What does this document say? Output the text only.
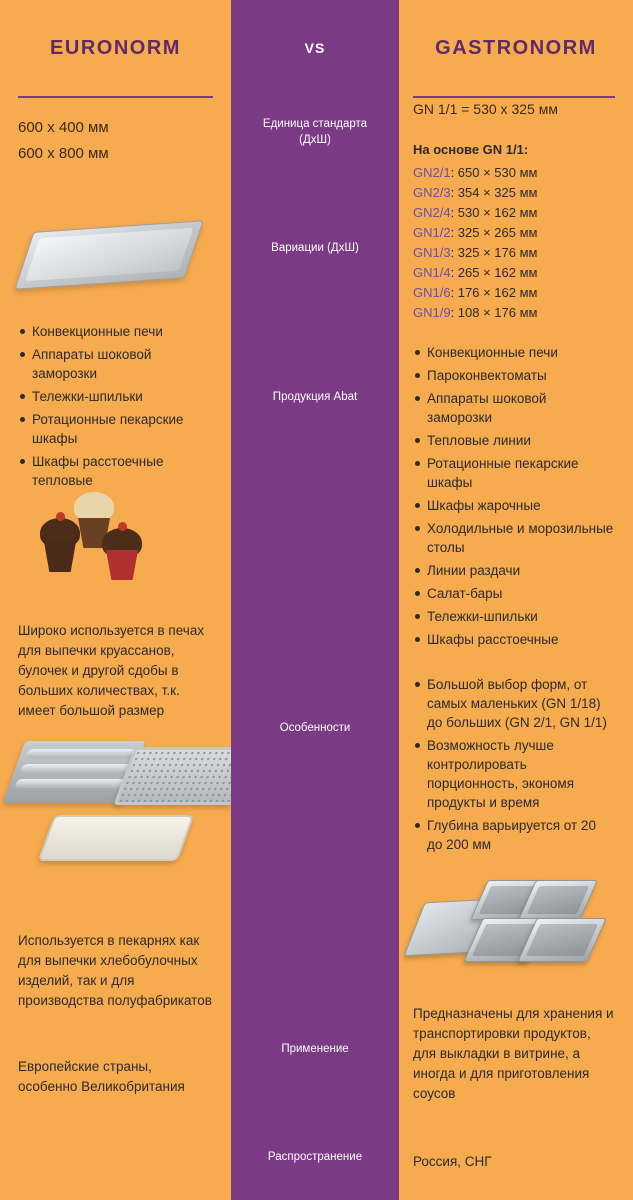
EURONORM
600 x 400 мм
600 x 800 мм
Конвекционные печи
Аппараты шоковой заморозки
Тележки-шпильки
Ротационные пекарские шкафы
Шкафы расстоечные тепловые
Широко используется в печах для выпечки круассанов, булочек и другой сдобы в больших количествах, т.к. имеет большой размер
Используется в пекарнях как для выпечки хлебобулочных изделий, так и для производства полуфабрикатов
Европейские страны, особенно Великобритания
VS
Единица стандарта
(ДхШ)
Вариации (ДхШ)
Продукция Abat
Особенности
Применение
Распространение
GASTRONORM
GN 1/1 = 530 x 325 мм
На основе GN 1/1:
GN2/1: 650 × 530 мм
GN2/3: 354 × 325 мм
GN2/4: 530 × 162 мм
GN1/2: 325 × 265 мм
GN1/3: 325 × 176 мм
GN1/4: 265 × 162 мм
GN1/6: 176 × 162 мм
GN1/9: 108 × 176 мм
Конвекционные печи
Пароконвектоматы
Аппараты шоковой заморозки
Тепловые линии
Ротационные пекарские шкафы
Шкафы жарочные
Холодильные и морозильные столы
Линии раздачи
Салат-бары
Тележки-шпильки
Шкафы расстоечные
Большой выбор форм, от самых маленьких (GN 1/18) до больших (GN 2/1, GN 1/1)
Возможность лучше контролировать порционность, экономя продукты и время
Глубина варьируется от 20 до 200 мм
Предназначены для хранения и транспортировки продуктов, для выкладки в витрине, а иногда и для приготовления соусов
Россия, СНГ
